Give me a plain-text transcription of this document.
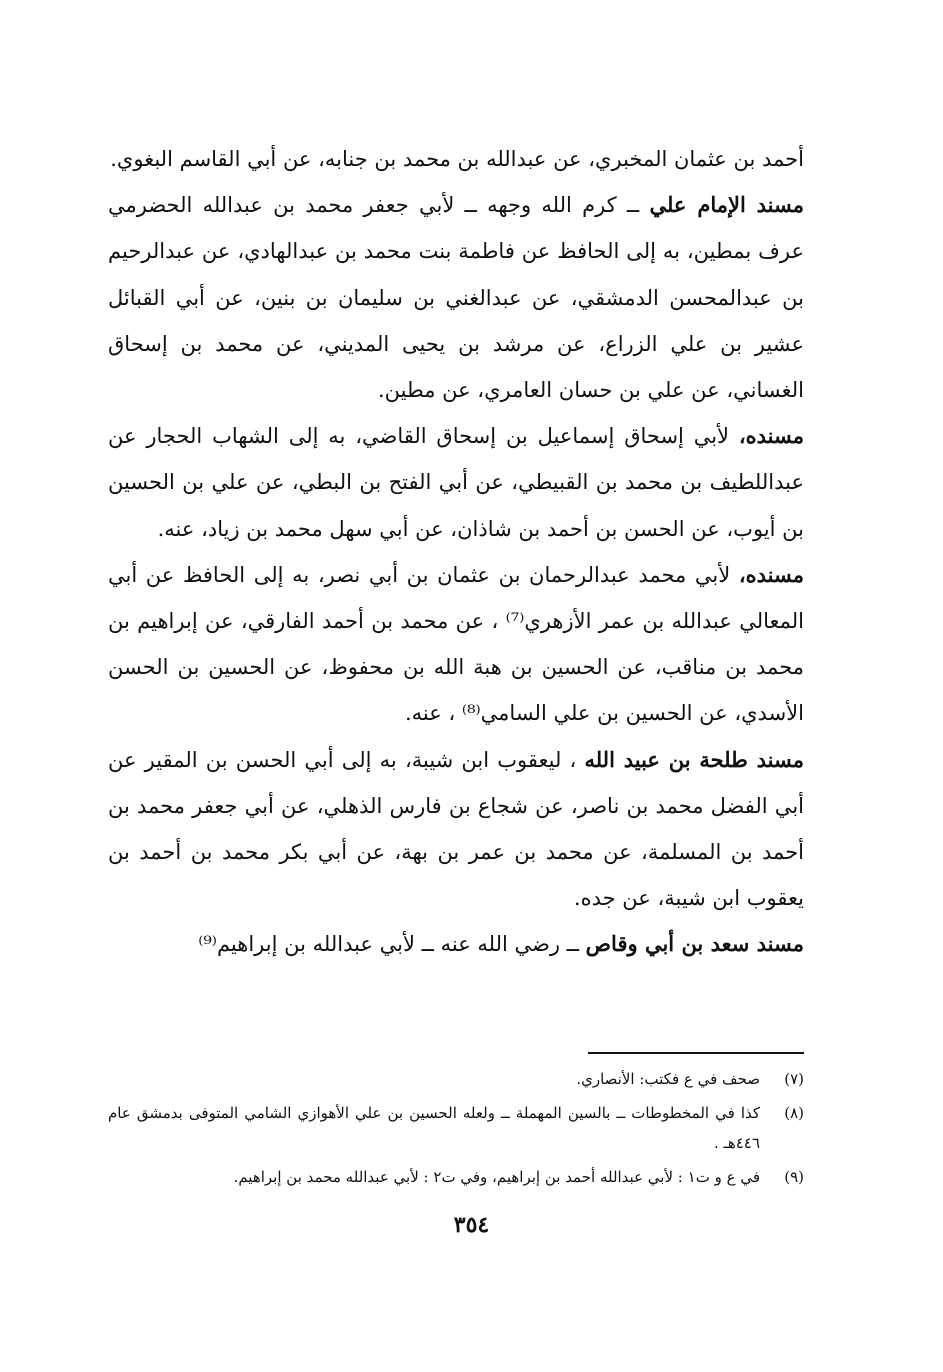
أحمد بن عثمان المخبري، عن عبدالله بن محمد بن جنابه، عن أبي القاسم البغوي.

مسند الإمام علي ــ كرم الله وجهه ــ لأبي جعفر محمد بن عبدالله الحضرمي عرف بمطين، به إلى الحافظ عن فاطمة بنت محمد بن عبدالهادي، عن عبدالرحيم بن عبدالمحسن الدمشقي، عن عبدالغني بن سليمان بن بنين، عن أبي القبائل عشير بن علي الزراع، عن مرشد بن يحيى المديني، عن محمد بن إسحاق الغساني، عن علي بن حسان العامري، عن مطين.

مسنده، لأبي إسحاق إسماعيل بن إسحاق القاضي، به إلى الشهاب الحجار عن عبداللطيف بن محمد بن القبيطي، عن أبي الفتح بن البطي، عن علي بن الحسين بن أيوب، عن الحسن بن أحمد بن شاذان، عن أبي سهل محمد بن زياد، عنه.

مسنده، لأبي محمد عبدالرحمان بن عثمان بن أبي نصر، به إلى الحافظ عن أبي المعالي عبدالله بن عمر الأزهري⁽⁷⁾ ، عن محمد بن أحمد الفارقي، عن إبراهيم بن محمد بن مناقب، عن الحسين بن هبة الله بن محفوظ، عن الحسين بن الحسن الأسدي، عن الحسين بن علي السامي⁽⁸⁾ ، عنه.

مسند طلحة بن عبيد الله ، ليعقوب ابن شيبة، به إلى أبي الحسن بن المقير عن أبي الفضل محمد بن ناصر، عن شجاع بن فارس الذهلي، عن أبي جعفر محمد بن أحمد بن المسلمة، عن محمد بن عمر بن بهة، عن أبي بكر محمد بن أحمد بن يعقوب ابن شيبة، عن جده.

مسند سعد بن أبي وقاص ــ رضي الله عنه ــ لأبي عبدالله بن إبراهيم⁽⁹⁾

(٧)
صحف في ع فكتب: الأنصاري.
(٨)
كذا في المخطوطات ــ بالسين المهملة ــ ولعله الحسين بن علي الأهوازي الشامي المتوفى بدمشق عام ٤٤٦هـ .
(٩)
في ع و ت١ : لأبي عبدالله أحمد بن إبراهيم، وفي ت٢ : لأبي عبدالله محمد بن إبراهيم.
٣٥٤
